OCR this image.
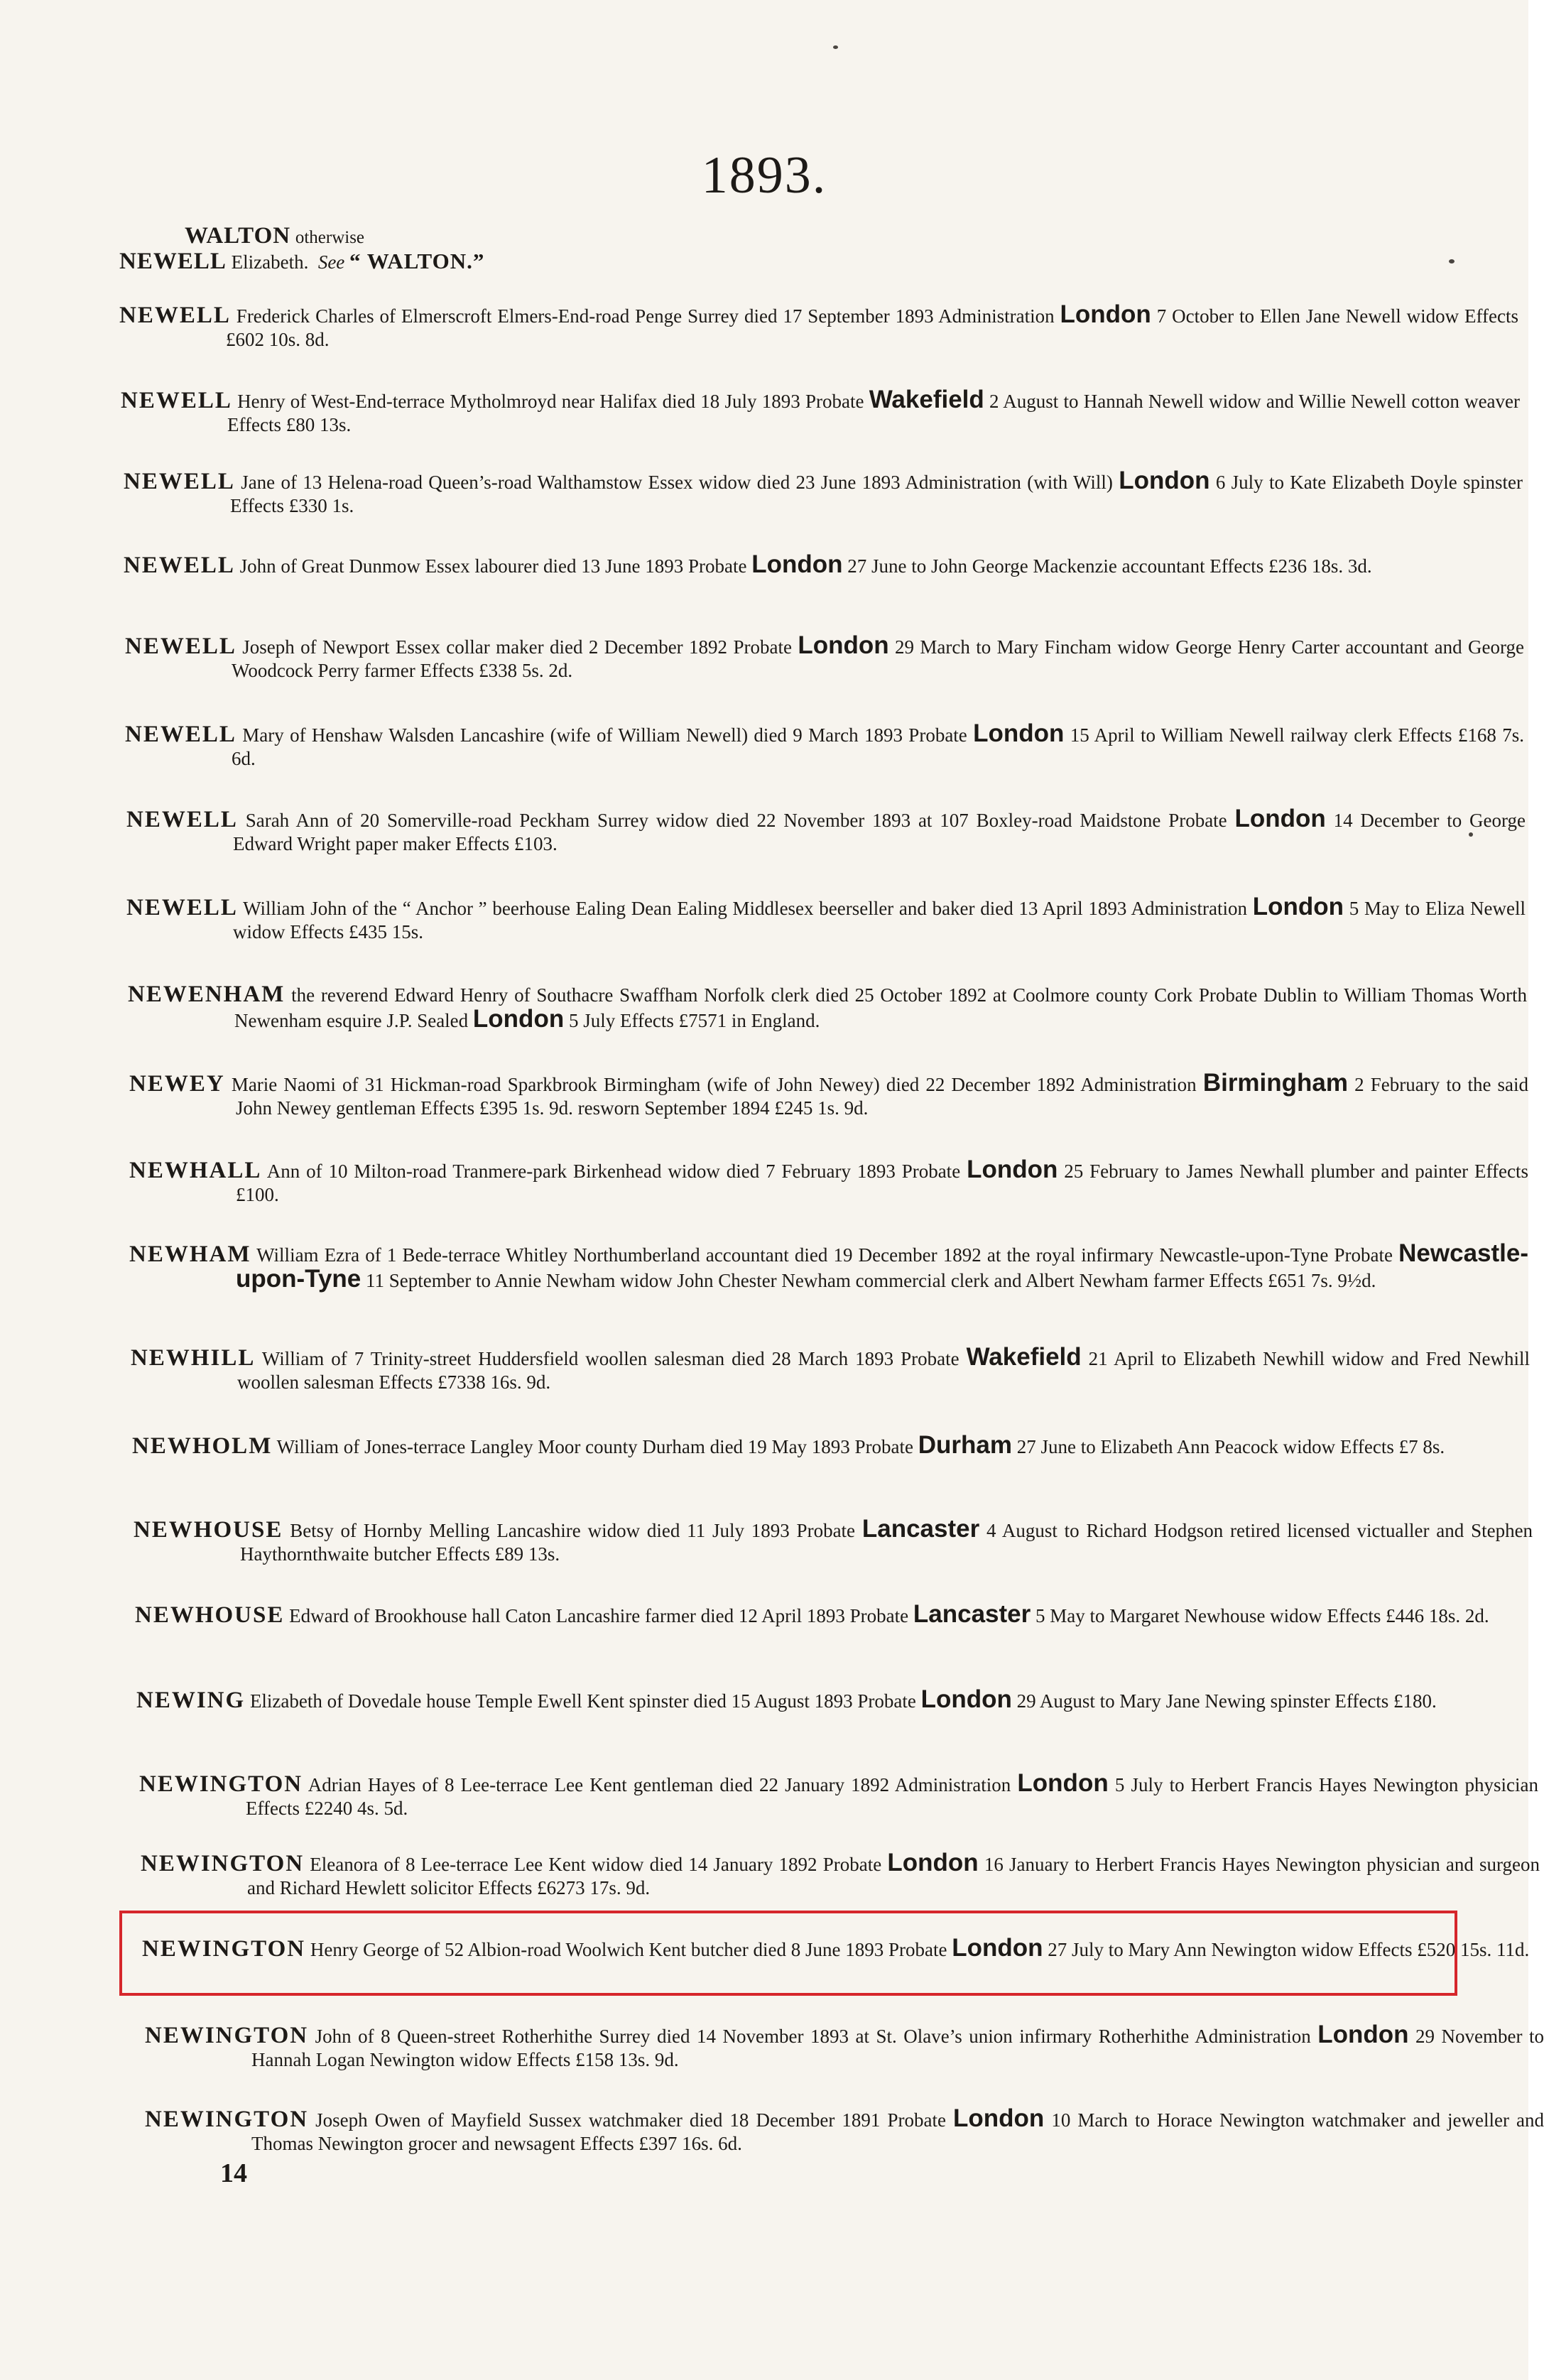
1893.
WALTON otherwise
NEWELL Elizabeth. See “ WALTON.”
NEWELL Frederick Charles of Elmerscroft Elmers-End-road Penge Surrey died 17 September 1893 Administration London 7 October to Ellen Jane Newell widow Effects £602 10s. 8d.
NEWELL Henry of West-End-terrace Mytholmroyd near Halifax died 18 July 1893 Probate Wakefield 2 August to Hannah Newell widow and Willie Newell cotton weaver Effects £80 13s.
NEWELL Jane of 13 Helena-road Queen’s-road Walthamstow Essex widow died 23 June 1893 Administration (with Will) London 6 July to Kate Elizabeth Doyle spinster Effects £330 1s.
NEWELL John of Great Dunmow Essex labourer died 13 June 1893 Probate London 27 June to John George Mackenzie accountant Effects £236 18s. 3d.
NEWELL Joseph of Newport Essex collar maker died 2 December 1892 Probate London 29 March to Mary Fincham widow George Henry Carter accountant and George Woodcock Perry farmer Effects £338 5s. 2d.
NEWELL Mary of Henshaw Walsden Lancashire (wife of William Newell) died 9 March 1893 Probate London 15 April to William Newell railway clerk Effects £168 7s. 6d.
NEWELL Sarah Ann of 20 Somerville-road Peckham Surrey widow died 22 November 1893 at 107 Boxley-road Maidstone Probate London 14 December to George Edward Wright paper maker Effects £103.
NEWELL William John of the “ Anchor ” beerhouse Ealing Dean Ealing Middlesex beerseller and baker died 13 April 1893 Administration London 5 May to Eliza Newell widow Effects £435 15s.
NEWENHAM the reverend Edward Henry of Southacre Swaffham Norfolk clerk died 25 October 1892 at Coolmore county Cork Probate Dublin to William Thomas Worth Newenham esquire J.P. Sealed London 5 July Effects £7571 in England.
NEWEY Marie Naomi of 31 Hickman-road Sparkbrook Birmingham (wife of John Newey) died 22 December 1892 Administration Birmingham 2 February to the said John Newey gentleman Effects £395 1s. 9d. resworn September 1894 £245 1s. 9d.
NEWHALL Ann of 10 Milton-road Tranmere-park Birkenhead widow died 7 February 1893 Probate London 25 February to James Newhall plumber and painter Effects £100.
NEWHAM William Ezra of 1 Bede-terrace Whitley Northumberland accountant died 19 December 1892 at the royal infirmary Newcastle-upon-Tyne Probate Newcastle-upon-Tyne 11 September to Annie Newham widow John Chester Newham commercial clerk and Albert Newham farmer Effects £651 7s. 9½d.
NEWHILL William of 7 Trinity-street Huddersfield woollen salesman died 28 March 1893 Probate Wakefield 21 April to Elizabeth Newhill widow and Fred Newhill woollen salesman Effects £7338 16s. 9d.
NEWHOLM William of Jones-terrace Langley Moor county Durham died 19 May 1893 Probate Durham 27 June to Elizabeth Ann Peacock widow Effects £7 8s.
NEWHOUSE Betsy of Hornby Melling Lancashire widow died 11 July 1893 Probate Lancaster 4 August to Richard Hodgson retired licensed victualler and Stephen Haythornthwaite butcher Effects £89 13s.
NEWHOUSE Edward of Brookhouse hall Caton Lancashire farmer died 12 April 1893 Probate Lancaster 5 May to Margaret Newhouse widow Effects £446 18s. 2d.
NEWING Elizabeth of Dovedale house Temple Ewell Kent spinster died 15 August 1893 Probate London 29 August to Mary Jane Newing spinster Effects £180.
NEWINGTON Adrian Hayes of 8 Lee-terrace Lee Kent gentleman died 22 January 1892 Administration London 5 July to Herbert Francis Hayes Newington physician Effects £2240 4s. 5d.
NEWINGTON Eleanora of 8 Lee-terrace Lee Kent widow died 14 January 1892 Probate London 16 January to Herbert Francis Hayes Newington physician and surgeon and Richard Hewlett solicitor Effects £6273 17s. 9d.
NEWINGTON Henry George of 52 Albion-road Woolwich Kent butcher died 8 June 1893 Probate London 27 July to Mary Ann Newington widow Effects £520 15s. 11d.
NEWINGTON John of 8 Queen-street Rotherhithe Surrey died 14 November 1893 at St. Olave’s union infirmary Rotherhithe Administration London 29 November to Hannah Logan Newington widow Effects £158 13s. 9d.
NEWINGTON Joseph Owen of Mayfield Sussex watchmaker died 18 December 1891 Probate London 10 March to Horace Newington watchmaker and jeweller and Thomas Newington grocer and newsagent Effects £397 16s. 6d.
14
